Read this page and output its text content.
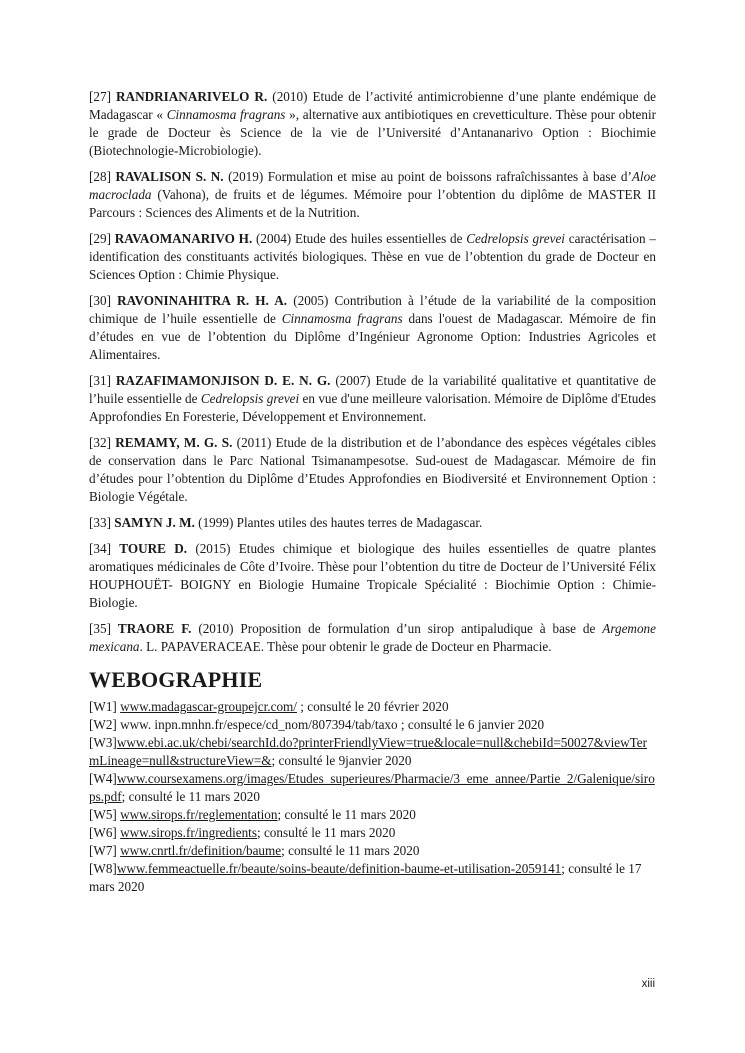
[27] RANDRIANARIVELO R. (2010) Etude de l’activité antimicrobienne d’une plante endémique de Madagascar « Cinnamosma fragrans », alternative aux antibiotiques en crevetticulture. Thèse pour obtenir le grade de Docteur ès Science de la vie de l’Université d’Antananarivo Option : Biochimie (Biotechnologie-Microbiologie).

[28] RAVALISON S. N. (2019) Formulation et mise au point de boissons rafraîchissantes à base d’Aloe macroclada (Vahona), de fruits et de légumes. Mémoire pour l’obtention du diplôme de MASTER II Parcours : Sciences des Aliments et de la Nutrition.

[29] RAVAOMANARIVO H. (2004) Etude des huiles essentielles de Cedrelopsis grevei caractérisation – identification des constituants activités biologiques. Thèse en vue de l’obtention du grade de Docteur en Sciences Option : Chimie Physique.

[30] RAVONINAHITRA R. H. A. (2005) Contribution à l’étude de la variabilité de la composition chimique de l’huile essentielle de Cinnamosma fragrans dans l'ouest de Madagascar. Mémoire de fin d’études en vue de l’obtention du Diplôme d’Ingénieur Agronome Option: Industries Agricoles et Alimentaires.

[31] RAZAFIMAMONJISON D. E. N. G. (2007) Etude de la variabilité qualitative et quantitative de l’huile essentielle de Cedrelopsis grevei en vue d'une meilleure valorisation. Mémoire de Diplôme d'Etudes Approfondies En Foresterie, Développement et Environnement.

[32] REMAMY, M. G. S. (2011) Etude de la distribution et de l’abondance des espèces végétales cibles de conservation dans le Parc National Tsimanampesotse. Sud-ouest de Madagascar. Mémoire de fin d’études pour l’obtention du Diplôme d’Etudes Approfondies en Biodiversité et Environnement Option : Biologie Végétale.

[33] SAMYN J. M. (1999) Plantes utiles des hautes terres de Madagascar.

[34] TOURE D. (2015) Etudes chimique et biologique des huiles essentielles de quatre plantes aromatiques médicinales de Côte d’Ivoire. Thèse pour l’obtention du titre de Docteur de l’Université Félix HOUPHOUËT- BOIGNY en Biologie Humaine Tropicale Spécialité : Biochimie Option : Chimie- Biologie.

[35] TRAORE F. (2010) Proposition de formulation d’un sirop antipaludique à base de Argemone mexicana. L. PAPAVERACEAE. Thèse pour obtenir le grade de Docteur en Pharmacie.

WEBOGRAPHIE

[W1] www.madagascar-groupejcr.com/ ; consulté le 20 février 2020

[W2] www. inpn.mnhn.fr/espece/cd_nom/807394/tab/taxo ; consulté le 6 janvier 2020

[W3]www.ebi.ac.uk/chebi/searchId.do?printerFriendlyView=true&locale=null&chebiId=50027&viewTermLineage=null&structureView=&; consulté le 9janvier 2020

[W4]www.coursexamens.org/images/Etudes_superieures/Pharmacie/3_eme_annee/Partie_2/Galenique/sirops.pdf; consulté le 11 mars 2020

[W5] www.sirops.fr/reglementation; consulté le 11 mars 2020

[W6] www.sirops.fr/ingredients; consulté le 11 mars 2020

[W7] www.cnrtl.fr/definition/baume; consulté le 11 mars 2020

[W8]www.femmeactuelle.fr/beaute/soins-beaute/definition-baume-et-utilisation-2059141; consulté le 17 mars 2020

xiii
